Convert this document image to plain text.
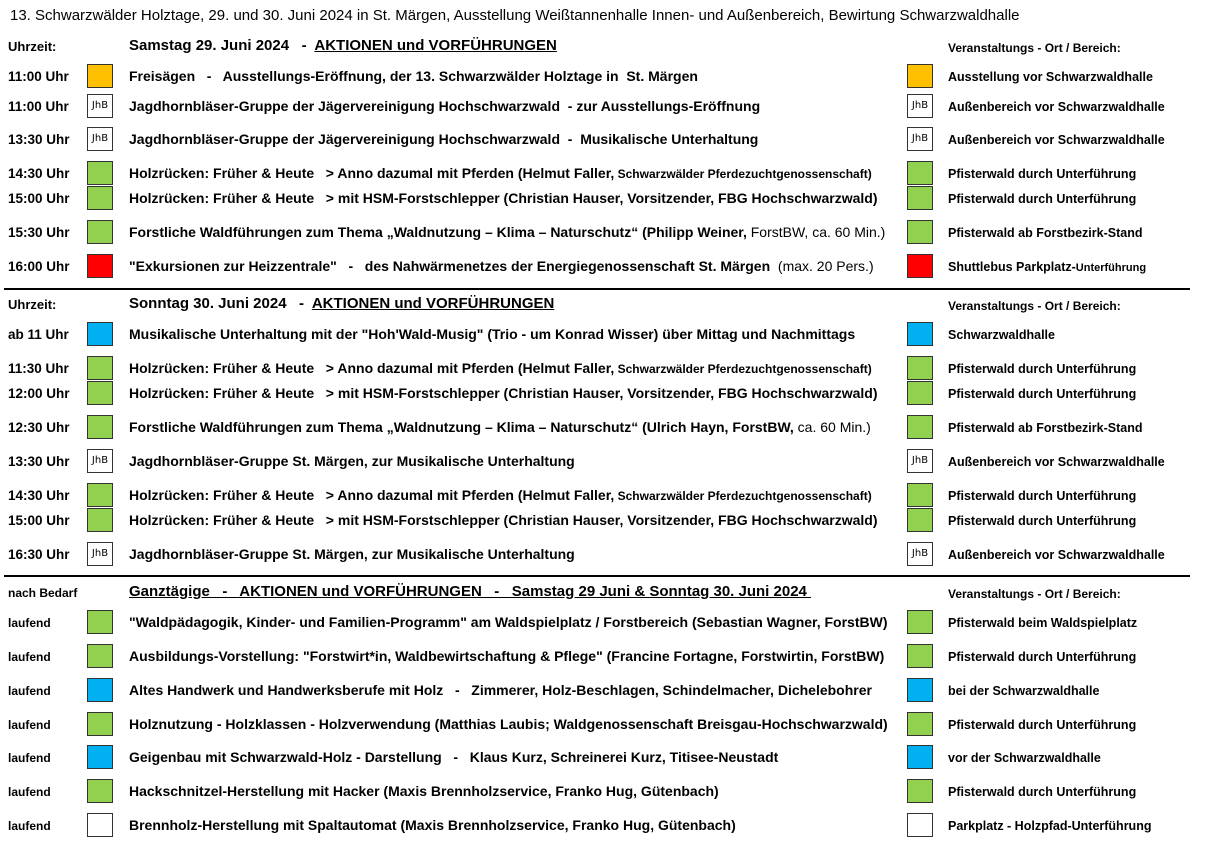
13. Schwarzwälder Holztage, 29. und 30. Juni 2024 in St. Märgen, Ausstellung Weißtannenhalle Innen- und Außenbereich, Bewirtung Schwarzwaldhalle
Uhrzeit:	Samstag 29. Juni 2024   -  AKTIONEN und VORFÜHRUNGEN	Veranstaltungs - Ort / Bereich:
11:00 Uhr	Freisägen   -   Ausstellungs-Eröffnung, der 13. Schwarzwälder Holztage in  St. Märgen	Ausstellung vor Schwarzwaldhalle
11:00 Uhr	JhB	Jagdhornbläser-Gruppe der Jägervereinigung Hochschwarzwald  - zur Ausstellungs-Eröffnung	JhB	Außenbereich vor Schwarzwaldhalle
13:30 Uhr	JhB	Jagdhornbläser-Gruppe der Jägervereinigung Hochschwarzwald  -  Musikalische Unterhaltung	JhB	Außenbereich vor Schwarzwaldhalle
14:30 Uhr	Holzrücken: Früher & Heute   > Anno dazumal mit Pferden (Helmut Faller, Schwarzwälder Pferdezuchtgenossenschaft)	Pfisterwald durch Unterführung
15:00 Uhr	Holzrücken: Früher & Heute   > mit HSM-Forstschlepper (Christian Hauser, Vorsitzender, FBG Hochschwarzwald)	Pfisterwald durch Unterführung
15:30 Uhr	Forstliche Waldführungen zum Thema „Waldnutzung – Klima – Naturschutz“ (Philipp Weiner, ForstBW, ca. 60 Min.)	Pfisterwald ab Forstbezirk-Stand
16:00 Uhr	"Exkursionen zur Heizzentrale"   -   des Nahwärmenetzes der Energiegenossenschaft St. Märgen  (max. 20 Pers.)	Shuttlebus Parkplatz-Unterführung
Uhrzeit:	Sonntag 30. Juni 2024   -  AKTIONEN und VORFÜHRUNGEN	Veranstaltungs - Ort / Bereich:
ab 11 Uhr	Musikalische Unterhaltung mit der "Hoh'Wald-Musig" (Trio - um Konrad Wisser) über Mittag und Nachmittags	Schwarzwaldhalle
11:30 Uhr	Holzrücken: Früher & Heute   > Anno dazumal mit Pferden (Helmut Faller, Schwarzwälder Pferdezuchtgenossenschaft)	Pfisterwald durch Unterführung
12:00 Uhr	Holzrücken: Früher & Heute   > mit HSM-Forstschlepper (Christian Hauser, Vorsitzender, FBG Hochschwarzwald)	Pfisterwald durch Unterführung
12:30 Uhr	Forstliche Waldführungen zum Thema „Waldnutzung – Klima – Naturschutz“ (Ulrich Hayn, ForstBW, ca. 60 Min.)	Pfisterwald ab Forstbezirk-Stand
13:30 Uhr	JhB	Jagdhornbläser-Gruppe St. Märgen, zur Musikalische Unterhaltung	JhB	Außenbereich vor Schwarzwaldhalle
14:30 Uhr	Holzrücken: Früher & Heute   > Anno dazumal mit Pferden (Helmut Faller, Schwarzwälder Pferdezuchtgenossenschaft)	Pfisterwald durch Unterführung
15:00 Uhr	Holzrücken: Früher & Heute   > mit HSM-Forstschlepper (Christian Hauser, Vorsitzender, FBG Hochschwarzwald)	Pfisterwald durch Unterführung
16:30 Uhr	JhB	Jagdhornbläser-Gruppe St. Märgen, zur Musikalische Unterhaltung	JhB	Außenbereich vor Schwarzwaldhalle
nach Bedarf	Ganztägige   -   AKTIONEN und VORFÜHRUNGEN   -   Samstag 29 Juni & Sonntag 30. Juni 2024	Veranstaltungs - Ort / Bereich:
laufend	"Waldpädagogik, Kinder- und Familien-Programm" am Waldspielplatz / Forstbereich (Sebastian Wagner, ForstBW)	Pfisterwald beim Waldspielplatz
laufend	Ausbildungs-Vorstellung: "Forstwirt*in, Waldbewirtschaftung & Pflege" (Francine Fortagne, Forstwirtin, ForstBW)	Pfisterwald durch Unterführung
laufend	Altes Handwerk und Handwerksberufe mit Holz   -   Zimmerer, Holz-Beschlagen, Schindelmacher, Dichelebohrer	bei der Schwarzwaldhalle
laufend	Holznutzung - Holzklassen - Holzverwendung (Matthias Laubis; Waldgenossenschaft Breisgau-Hochschwarzwald)	Pfisterwald durch Unterführung
laufend	Geigenbau mit Schwarzwald-Holz - Darstellung   -   Klaus Kurz, Schreinerei Kurz, Titisee-Neustadt	vor der Schwarzwaldhalle
laufend	Hackschnitzel-Herstellung mit Hacker (Maxis Brennholzservice, Franko Hug, Gütenbach)	Pfisterwald durch Unterführung
laufend	Brennholz-Herstellung mit Spaltautomat (Maxis Brennholzservice, Franko Hug, Gütenbach)	Parkplatz - Holzpfad-Unterführung
